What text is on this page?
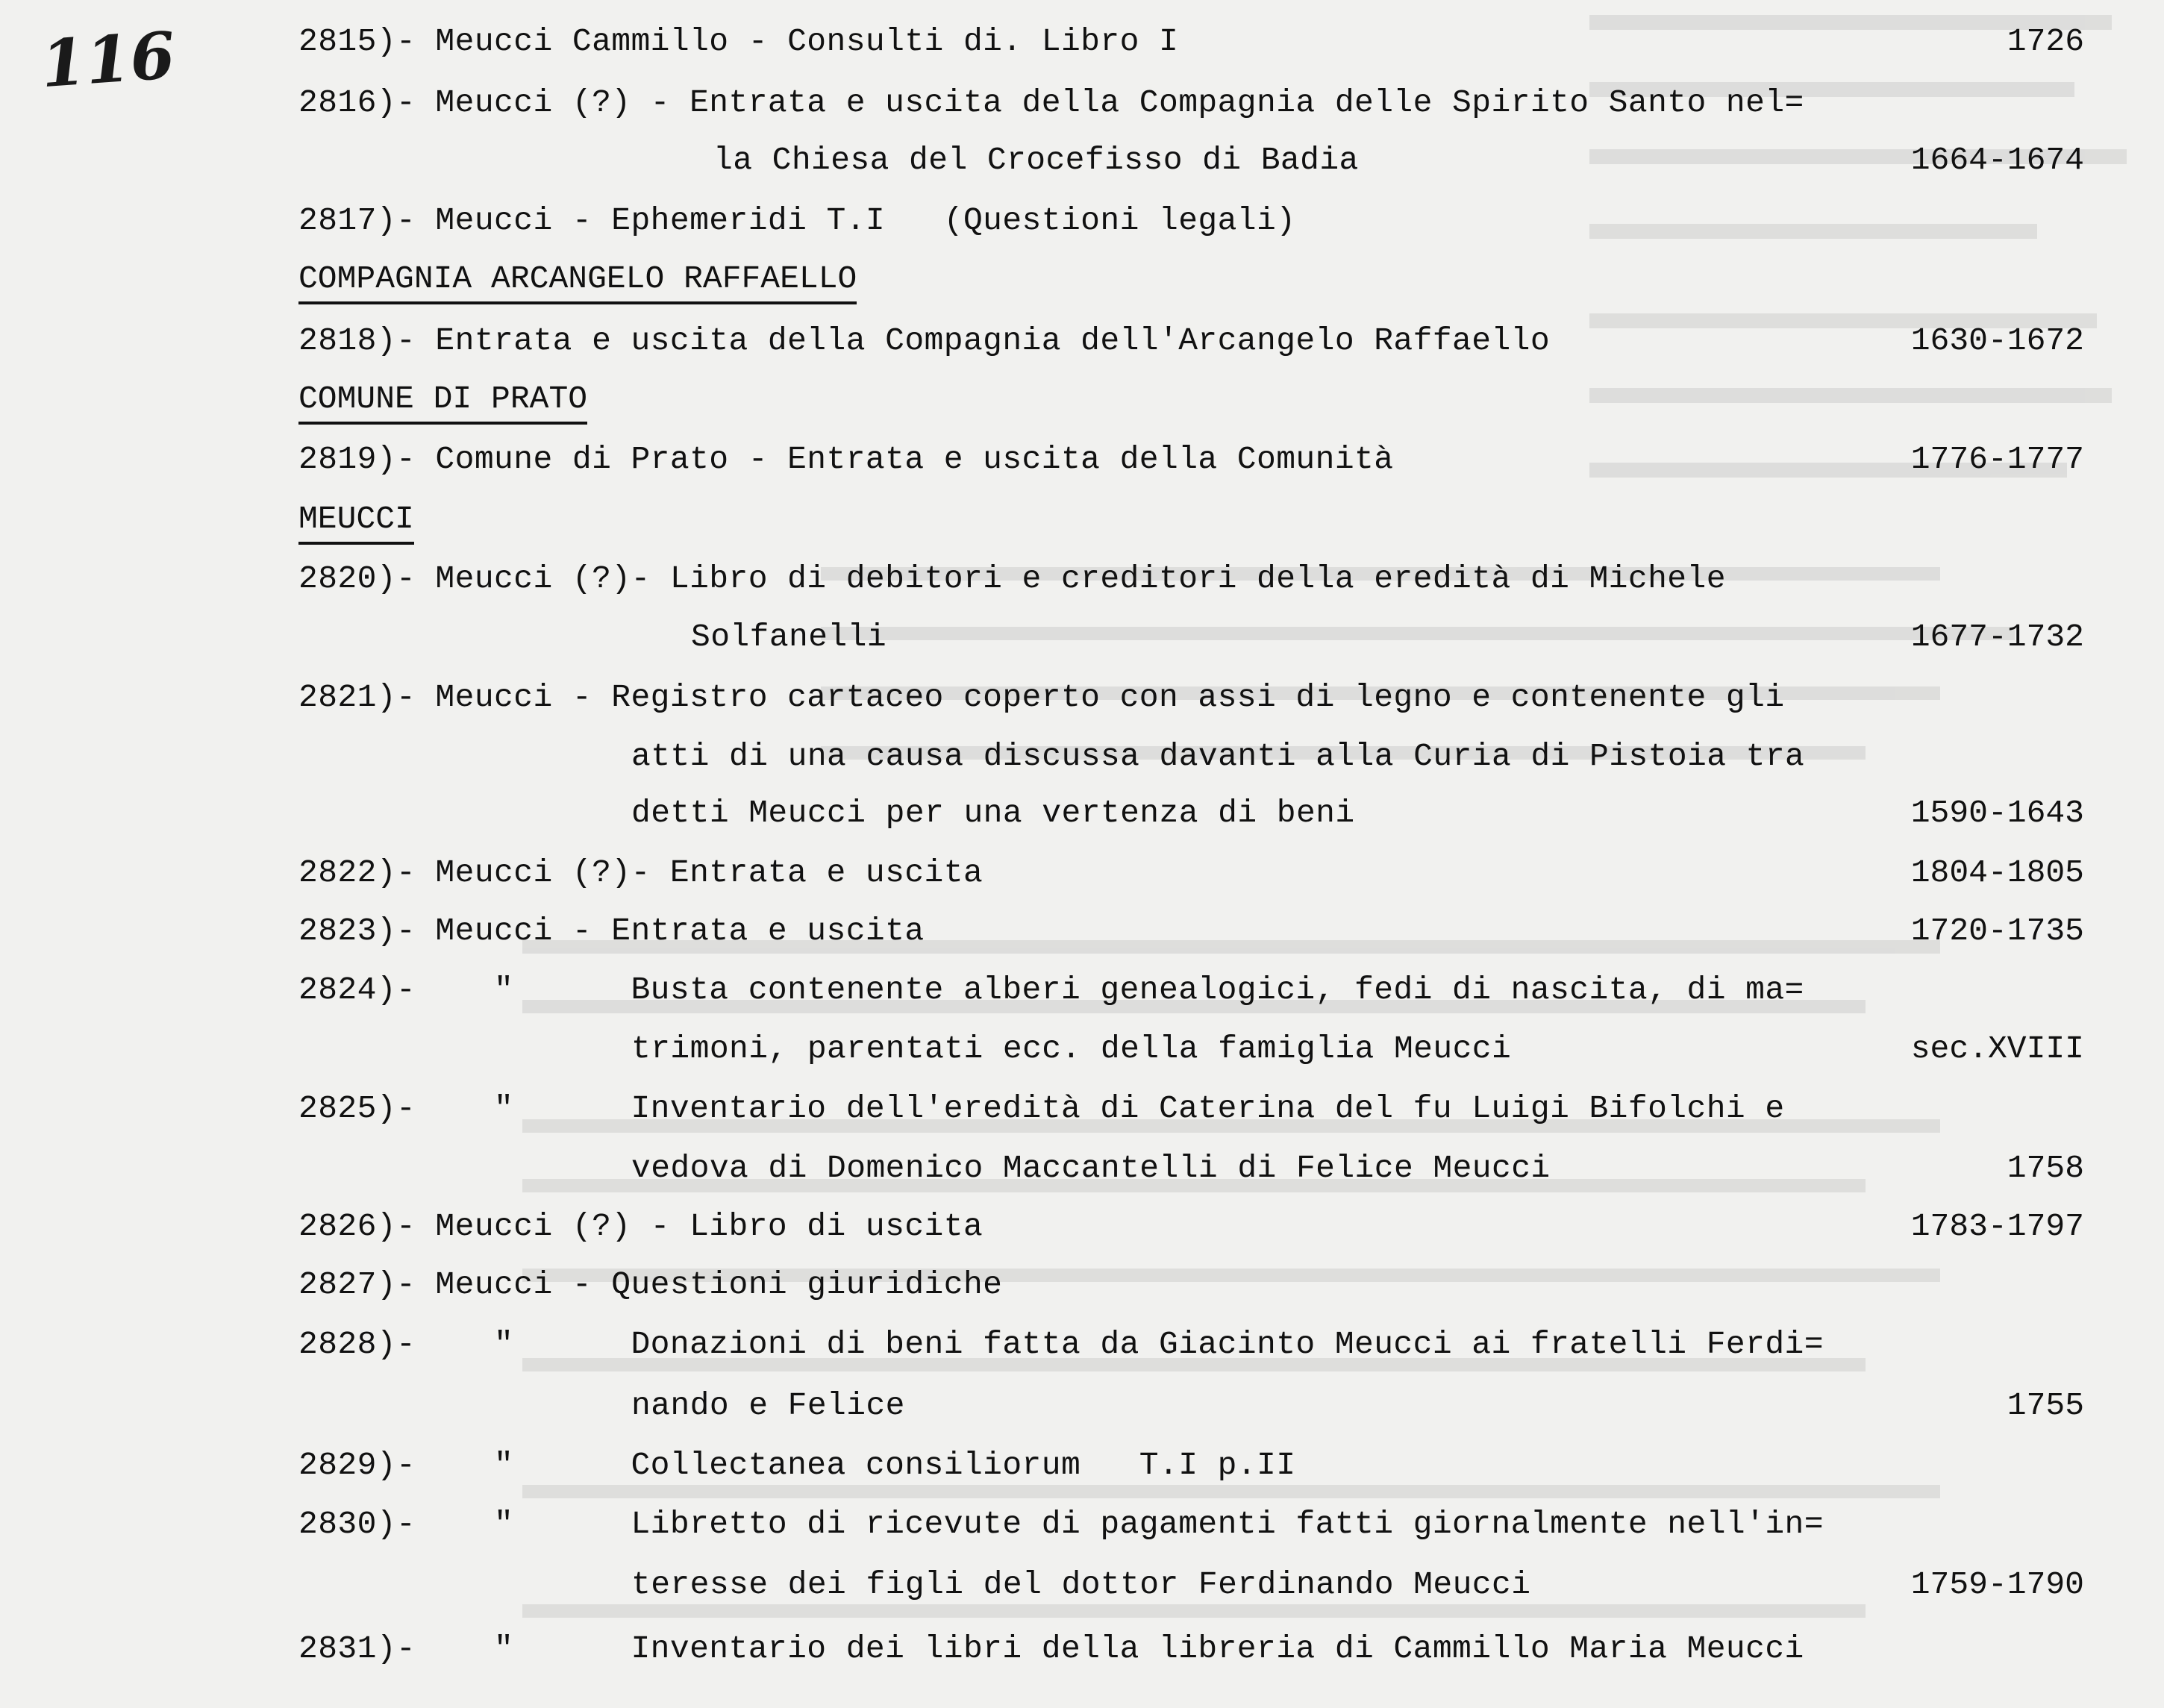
116	2815)- Meucci Cammillo - Consulti di. Libro I	1726
2816)- Meucci (?) - Entrata e uscita della Compagnia delle Spirito Santo nel=
la Chiesa del Crocefisso di Badia	1664-1674
2817)- Meucci - Ephemeridi T.I   (Questioni legali)
COMPAGNIA ARCANGELO RAFFAELLO
2818)- Entrata e uscita della Compagnia dell'Arcangelo Raffaello	1630-1672
COMUNE DI PRATO
2819)- Comune di Prato - Entrata e uscita della Comunità	1776-1777
MEUCCI
2820)- Meucci (?)- Libro di debitori e creditori della eredità di Michele
Solfanelli	1677-1732
2821)- Meucci - Registro cartaceo coperto con assi di legno e contenente gli
atti di una causa discussa davanti alla Curia di Pistoia tra
detti Meucci per una vertenza di beni	1590-1643
2822)- Meucci (?)- Entrata e uscita	1804-1805
2823)- Meucci - Entrata e uscita	1720-1735
2824)-    "      Busta contenente alberi genealogici, fedi di nascita, di ma=
trimoni, parentati ecc. della famiglia Meucci	sec.XVIII
2825)-    "      Inventario dell'eredità di Caterina del fu Luigi Bifolchi e
vedova di Domenico Maccantelli di Felice Meucci	1758
2826)- Meucci (?) - Libro di uscita	1783-1797
2827)- Meucci - Questioni giuridiche
2828)-    "      Donazioni di beni fatta da Giacinto Meucci ai fratelli Ferdi=
nando e Felice	1755
2829)-    "      Collectanea consiliorum   T.I p.II
2830)-    "      Libretto di ricevute di pagamenti fatti giornalmente nell'in=
teresse dei figli del dottor Ferdinando Meucci	1759-1790
2831)-    "      Inventario dei libri della libreria di Cammillo Maria Meucci
